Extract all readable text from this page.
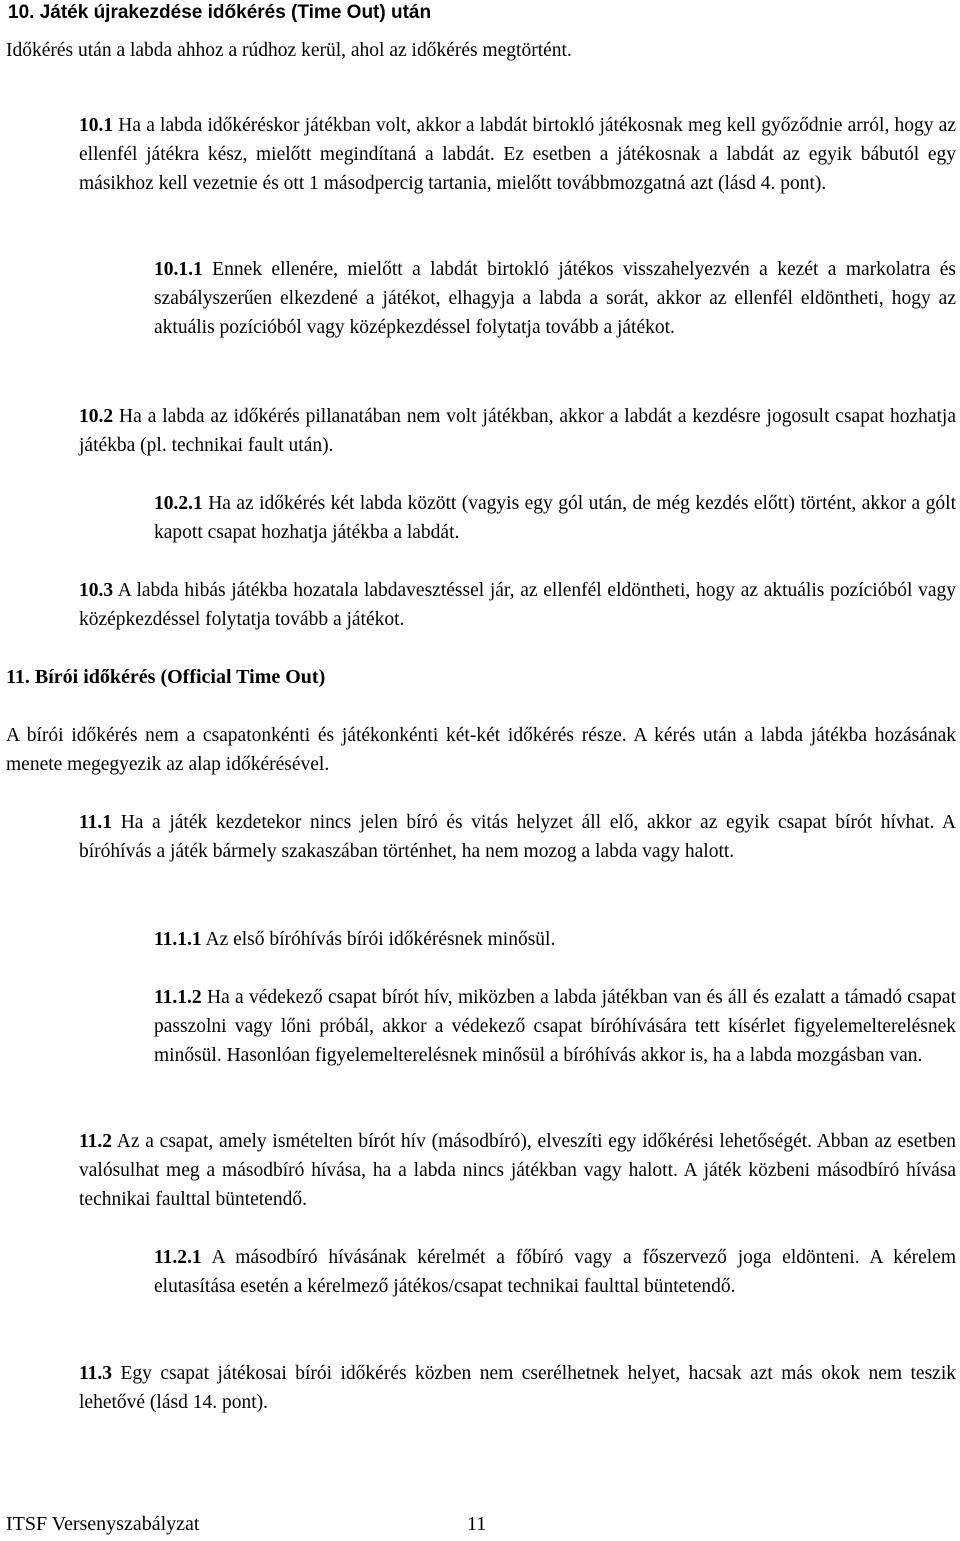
10. Játék újrakezdése időkérés (Time Out) után

Időkérés után a labda ahhoz a rúdhoz kerül, ahol az időkérés megtörtént.

10.1 Ha a labda időkéréskor játékban volt, akkor a labdát birtokló játékosnak meg kell győződnie arról, hogy az ellenfél játékra kész, mielőtt megindítaná a labdát. Ez esetben a játékosnak a labdát az egyik bábutól egy másikhoz kell vezetnie és ott 1 másodpercig tartania, mielőtt továbbmozgatná azt (lásd 4. pont).

10.1.1 Ennek ellenére, mielőtt a labdát birtokló játékos visszahelyezvén a kezét a markolatra és szabályszerűen elkezdené a játékot, elhagyja a labda a sorát, akkor az ellenfél eldöntheti, hogy az aktuális pozícióból vagy középkezdéssel folytatja tovább a játékot.

10.2 Ha a labda az időkérés pillanatában nem volt játékban, akkor a labdát a kezdésre jogosult csapat hozhatja játékba (pl. technikai fault után).

10.2.1 Ha az időkérés két labda között (vagyis egy gól után, de még kezdés előtt) történt, akkor a gólt kapott csapat hozhatja játékba a labdát.

10.3 A labda hibás játékba hozatala labdavesztéssel jár, az ellenfél eldöntheti, hogy az aktuális pozícióból vagy középkezdéssel folytatja tovább a játékot.

11. Bírói időkérés (Official Time Out)

A bírói időkérés nem a csapatonkénti és játékonkénti két-két időkérés része. A kérés után a labda játékba hozásának menete megegyezik az alap időkérésével.

11.1 Ha a játék kezdetekor nincs jelen bíró és vitás helyzet áll elő, akkor az egyik csapat bírót hívhat. A bíróhívás a játék bármely szakaszában történhet, ha nem mozog a labda vagy halott.

11.1.1 Az első bíróhívás bírói időkérésnek minősül.

11.1.2 Ha a védekező csapat bírót hív, miközben a labda játékban van és áll és ezalatt a támadó csapat passzolni vagy lőni próbál, akkor a védekező csapat bíróhívására tett kísérlet figyelemelterelésnek minősül. Hasonlóan figyelemelterelésnek minősül a bíróhívás akkor is, ha a labda mozgásban van.

11.2 Az a csapat, amely ismételten bírót hív (másodbíró), elveszíti egy időkérési lehetőségét. Abban az esetben valósulhat meg a másodbíró hívása, ha a labda nincs játékban vagy halott. A játék közbeni másodbíró hívása technikai faulttal büntetendő.

11.2.1 A másodbíró hívásának kérelmét a főbíró vagy a főszervező joga eldönteni. A kérelem elutasítása esetén a kérelmező játékos/csapat technikai faulttal büntetendő.

11.3 Egy csapat játékosai bírói időkérés közben nem cserélhetnek helyet, hacsak azt más okok nem teszik lehetővé (lásd 14. pont).

ITSF Versenyszabályzat	11
